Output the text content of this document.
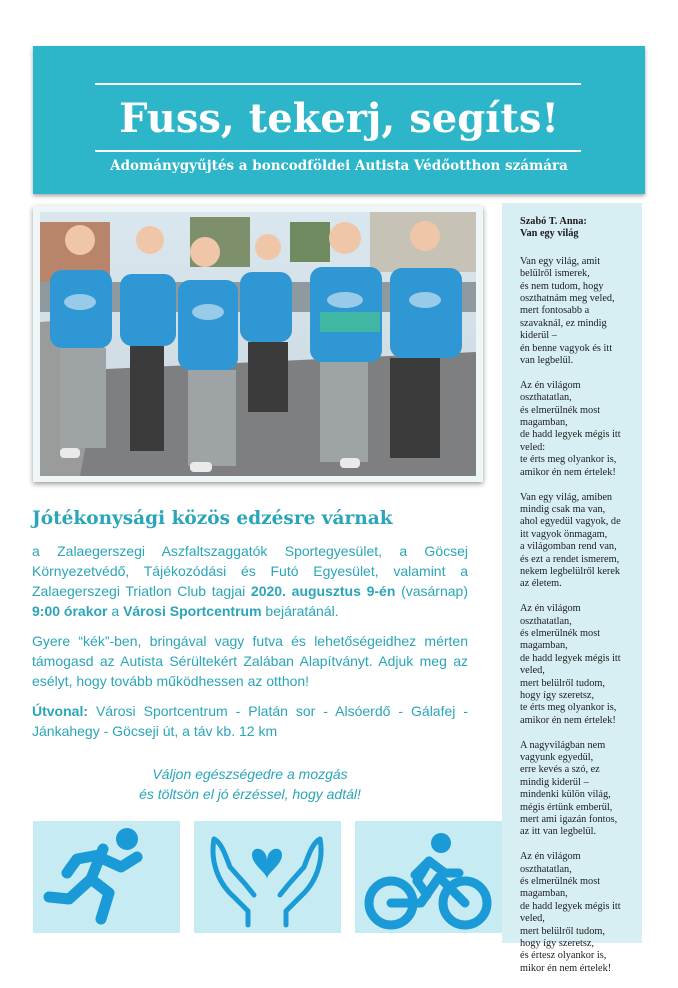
Fuss, tekerj, segíts!
Adománygyűjtés a boncodföldei Autista Védőotthon számára
Szabó T. Anna:
Van egy világ
Van egy világ, amit
belülről ismerek,
és nem tudom, hogy
oszthatnám meg veled,
mert fontosabb a
szavaknál, ez mindig
kiderül –
én benne vagyok és itt
van legbelül.
Az én világom
oszthatatlan,
és elmerülnék most
magamban,
de hadd legyek mégis itt
veled:
te érts meg olyankor is,
amikor én nem értelek!
Van egy világ, amiben
mindig csak ma van,
ahol egyedül vagyok, de
itt vagyok önmagam,
a világomban rend van,
és ezt a rendet ismerem,
nekem legbelülről kerek
az életem.
Az én világom
oszthatatlan,
és elmerülnék most
magamban,
de hadd legyek mégis itt
veled,
mert belülről tudom,
hogy így szeretsz,
te érts meg olyankor is,
amikor én nem értelek!
A nagyvilágban nem
vagyunk egyedül,
erre kevés a szó, ez
mindig kiderül –
mindenki külön világ,
mégis értünk emberül,
mert ami igazán fontos,
az itt van legbelül.
Az én világom
oszthatatlan,
és elmerülnék most
magamban,
de hadd legyek mégis itt
veled,
mert belülről tudom,
hogy így szeretsz,
és értesz olyankor is,
mikor én nem értelek!
Jótékonysági közös edzésre várnak

a Zalaegerszegi Aszfaltszaggatók Sportegyesület, a Göcsej Környezetvédő, Tájékozódási és Futó Egyesület, valamint a Zalaegerszegi Triatlon Club tagjai 2020. augusztus 9-én (vasárnap) 9:00 órakor a Városi Sportcentrum bejáratánál.

Gyere “kék”-ben, bringával vagy futva és lehetőségeidhez mérten támogasd az Autista Sérültekért Zalában Alapítványt. Adjuk meg az esélyt, hogy tovább működhessen az otthon!

Útvonal: Városi Sportcentrum - Platán sor - Alsóerdő - Gálafej - Jánkahegy - Göcseji út, a táv kb. 12 km

Váljon egészségedre a mozgás
és töltsön el jó érzéssel, hogy adtál!
